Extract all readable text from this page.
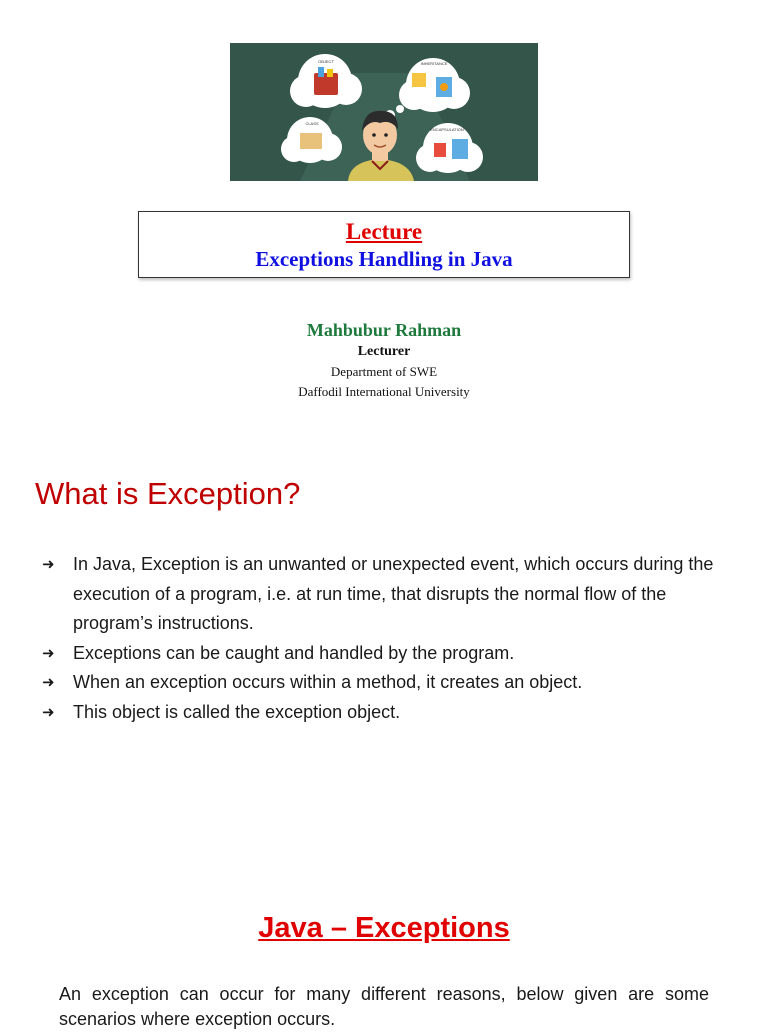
OBJECT	INHERITANCE
CLASS
ENCAPSULATION
Lecture
Exceptions Handling in Java
Mahbubur Rahman
Lecturer
Department of SWE
Daffodil International University
What is Exception?
➜ In Java, Exception is an unwanted or unexpected event, which occurs during the execution of a program, i.e. at run time, that disrupts the normal flow of the program’s instructions.
➜ Exceptions can be caught and handled by the program.
➜ When an exception occurs within a method, it creates an object.
➜ This object is called the exception object.
Java – Exceptions
An exception can occur for many different reasons, below given are some scenarios where exception occurs.
